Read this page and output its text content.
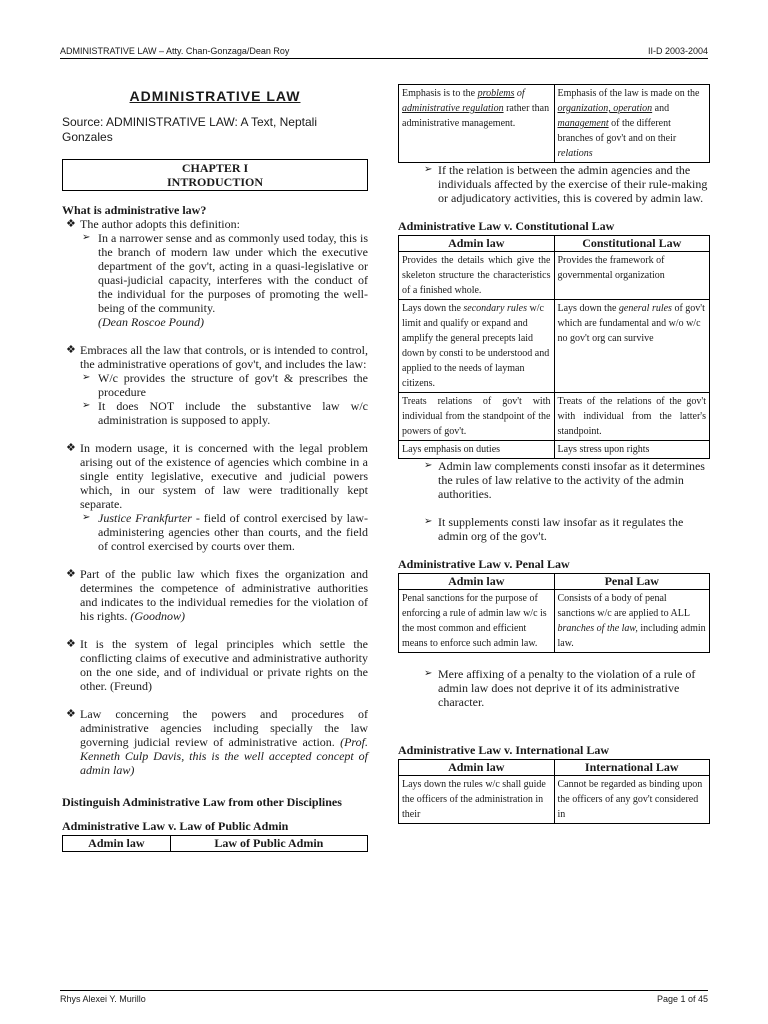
ADMINISTRATIVE LAW – Atty. Chan-Gonzaga/Dean Roy	II-D 2003-2004
ADMINISTRATIVE LAW
Source: ADMINISTRATIVE LAW: A Text, Neptali Gonzales
CHAPTER I
INTRODUCTION
What is administrative law?
❖ The author adopts this definition:
➢ In a narrower sense and as commonly used today, this is the branch of modern law under which the executive department of the gov't, acting in a quasi-legislative or quasi-judicial capacity, interferes with the conduct of the individual for the purposes of promoting the well-being of the community.
(Dean Roscoe Pound)
❖ Embraces all the law that controls, or is intended to control, the administrative operations of gov't, and includes the law:
➢ W/c provides the structure of gov't & prescribes the procedure
➢ It does NOT include the substantive law w/c administration is supposed to apply.
❖ In modern usage, it is concerned with the legal problem arising out of the existence of agencies which combine in a single entity legislative, executive and judicial powers which, in our system of law were traditionally kept separate.
➢ Justice Frankfurter - field of control exercised by law-administering agencies other than courts, and the field of control exercised by courts over them.
❖ Part of the public law which fixes the organization and determines the competence of administrative authorities and indicates to the individual remedies for the violation of his rights. (Goodnow)
❖ It is the system of legal principles which settle the conflicting claims of executive and administrative authority on the one side, and of individual or private rights on the other. (Freund)
❖ Law concerning the powers and procedures of administrative agencies including specially the law governing judicial review of administrative action. (Prof. Kenneth Culp Davis, this is the well accepted concept of admin law)
Distinguish Administrative Law from other Disciplines
Administrative Law v. Law of Public Admin
Admin law	Law of Public Admin
Emphasis is to the problems of administrative regulation rather than administrative management.	Emphasis of the law is made on the organization, operation and management of the different branches of gov't and on their relations
➢ If the relation is between the admin agencies and the individuals affected by the exercise of their rule-making or adjudicatory activities, this is covered by admin law.
Administrative Law v. Constitutional Law
Admin law	Constitutional Law
Provides the details which give the skeleton structure the characteristics of a finished whole.	Provides the framework of governmental organization
Lays down the secondary rules w/c limit and qualify or expand and amplify the general precepts laid down by consti to be understood and applied to the needs of layman citizens.	Lays down the general rules of gov't which are fundamental and w/o w/c no gov't org can survive
Treats relations of gov't with individual from the standpoint of the powers of gov't.	Treats of the relations of the gov't with individual from the latter's standpoint.
Lays emphasis on duties	Lays stress upon rights
➢ Admin law complements consti insofar as it determines the rules of law relative to the activity of the admin authorities.
➢ It supplements consti law insofar as it regulates the admin org of the gov't.
Administrative Law v. Penal Law
Admin law	Penal Law
Penal sanctions for the purpose of enforcing a rule of admin law w/c is the most common and efficient means to enforce such admin law.	Consists of a body of penal sanctions w/c are applied to ALL branches of the law, including admin law.
➢ Mere affixing of a penalty to the violation of a rule of admin law does not deprive it of its administrative character.
Administrative Law v. International Law
Admin law	International Law
Lays down the rules w/c shall guide the officers of the administration in their	Cannot be regarded as binding upon the officers of any gov't considered in
Rhys Alexei Y. Murillo	Page 1 of 45
